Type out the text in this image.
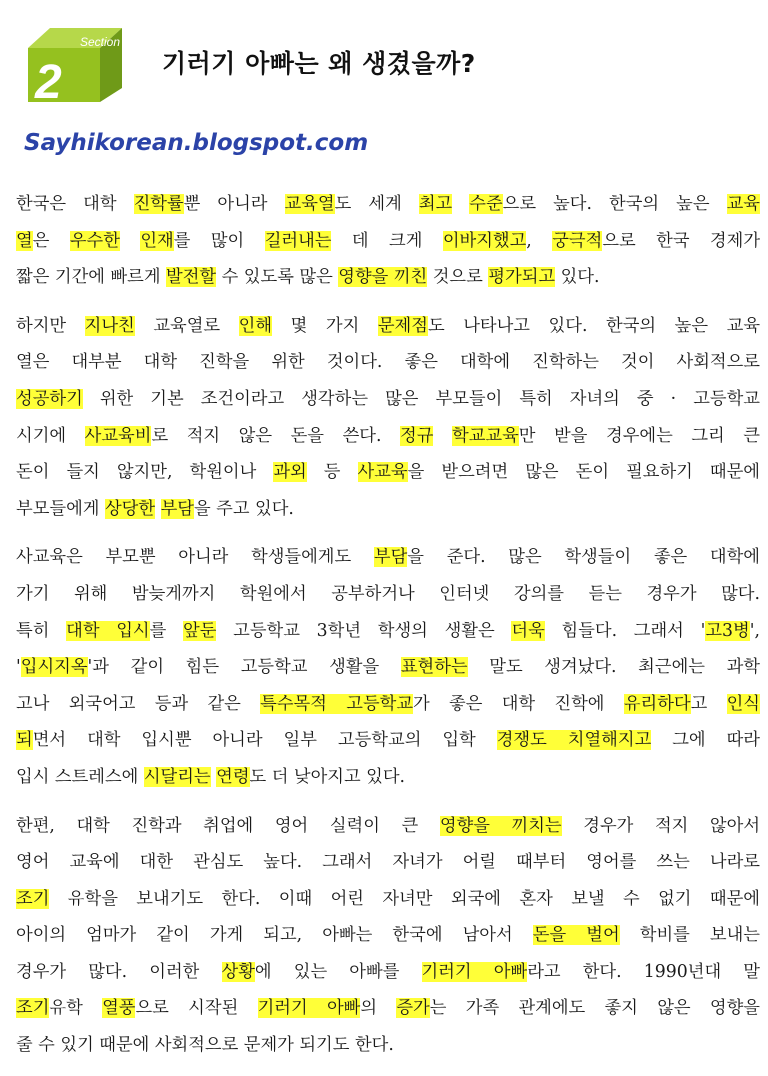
Section
2	기러기 아빠는 왜 생겼을까?
Sayhikorean.blogspot.com
한국은 대학 진학률뿐 아니라 교육열도 세계 최고 수준으로 높다. 한국의 높은 교육
열은 우수한 인재를 많이 길러내는 데 크게 이바지했고, 궁극적으로 한국 경제가
짧은 기간에 빠르게 발전할 수 있도록 많은 영향을 끼친 것으로 평가되고 있다.
하지만 지나친 교육열로 인해 몇 가지 문제점도 나타나고 있다. 한국의 높은 교육
열은 대부분 대학 진학을 위한 것이다. 좋은 대학에 진학하는 것이 사회적으로
성공하기 위한 기본 조건이라고 생각하는 많은 부모들이 특히 자녀의 중 · 고등학교
시기에 사교육비로 적지 않은 돈을 쓴다. 정규 학교교육만 받을 경우에는 그리 큰
돈이 들지 않지만, 학원이나 과외 등 사교육을 받으려면 많은 돈이 필요하기 때문에
부모들에게 상당한 부담을 주고 있다.
사교육은 부모뿐 아니라 학생들에게도 부담을 준다. 많은 학생들이 좋은 대학에
가기 위해 밤늦게까지 학원에서 공부하거나 인터넷 강의를 듣는 경우가 많다.
특히 대학 입시를 앞둔 고등학교 3학년 학생의 생활은 더욱 힘들다. 그래서 '고3병',
'입시지옥'과 같이 힘든 고등학교 생활을 표현하는 말도 생겨났다. 최근에는 과학
고나 외국어고 등과 같은 특수목적 고등학교가 좋은 대학 진학에 유리하다고 인식
되면서 대학 입시뿐 아니라 일부 고등학교의 입학 경쟁도 치열해지고 그에 따라
입시 스트레스에 시달리는 연령도 더 낮아지고 있다.
한편, 대학 진학과 취업에 영어 실력이 큰 영향을 끼치는 경우가 적지 않아서
영어 교육에 대한 관심도 높다. 그래서 자녀가 어릴 때부터 영어를 쓰는 나라로
조기 유학을 보내기도 한다. 이때 어린 자녀만 외국에 혼자 보낼 수 없기 때문에
아이의 엄마가 같이 가게 되고, 아빠는 한국에 남아서 돈을 벌어 학비를 보내는
경우가 많다. 이러한 상황에 있는 아빠를 기러기 아빠라고 한다. 1990년대 말
조기유학 열풍으로 시작된 기러기 아빠의 증가는 가족 관계에도 좋지 않은 영향을
줄 수 있기 때문에 사회적으로 문제가 되기도 한다.
